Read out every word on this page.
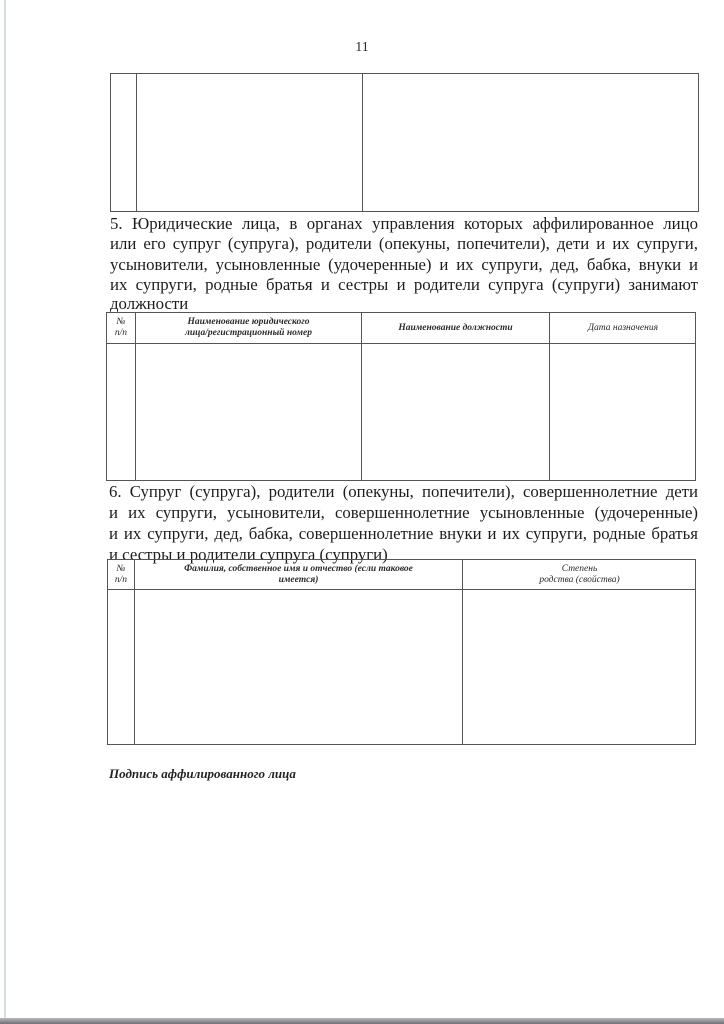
11
5. Юридические лица, в органах управления которых аффилированное лицо
или его супруг (супруга), родители (опекуны, попечители), дети и их супруги,
усыновители, усыновленные (удочеренные) и их супруги, дед, бабка, внуки и
их супруги, родные братья и сестры и родители супруга (супруги) занимают
должности
№
п/п
Наименование юридического
лица/регистрационный номер
Наименование должности	Дата назначения
6. Супруг (супруга), родители (опекуны, попечители), совершеннолетние дети
и их супруги, усыновители, совершеннолетние усыновленные (удочеренные)
и их супруги, дед, бабка, совершеннолетние внуки и их супруги, родные братья
и сестры и родители супруга (супруги)
№
п/п
Фамилия, собственное имя и отчество (если таковое
имеется)
Степень
родства (свойства)
Подпись аффилированного лица
